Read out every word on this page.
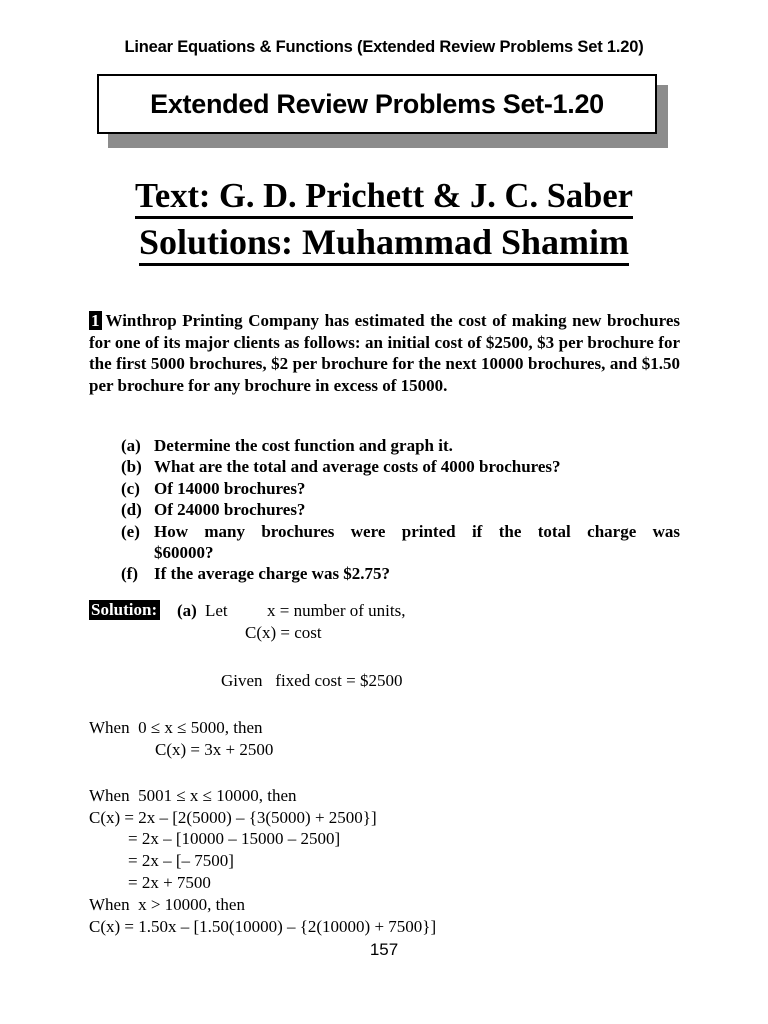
Linear Equations & Functions (Extended Review Problems Set 1.20)
Extended Review Problems Set-1.20
Text: G. D. Prichett & J. C. Saber
Solutions: Muhammad Shamim
1 Winthrop Printing Company has estimated the cost of making new brochures for one of its major clients as follows: an initial cost of $2500, $3 per brochure for the first 5000 brochures, $2 per brochure for the next 10000 brochures, and $1.50 per brochure for any brochure in excess of 15000.
(a) Determine the cost function and graph it.
(b) What are the total and average costs of 4000 brochures?
(c) Of 14000 brochures?
(d) Of 24000 brochures?
(e) How many brochures were printed if the total charge was
$60000?
(f) If the average charge was $2.75?
Solution: (a) Let x = number of units,
C(x) = cost
Given   fixed cost = $2500
When  0 ≤ x ≤ 5000, then
C(x) = 3x + 2500
When  5001 ≤ x ≤ 10000, then
C(x) = 2x – [2(5000) – {3(5000) + 2500}]
= 2x – [10000 – 15000 – 2500]
= 2x – [– 7500]
= 2x + 7500
When  x > 10000, then
C(x) = 1.50x – [1.50(10000) – {2(10000) + 7500}]
157
